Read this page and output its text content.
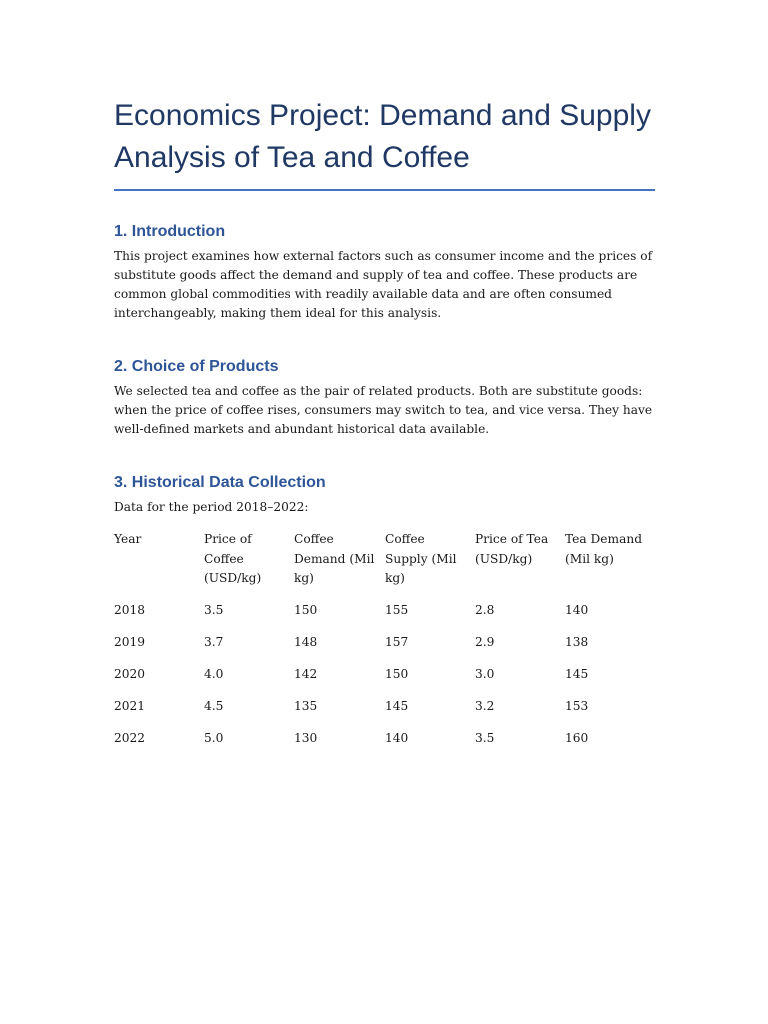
Economics Project: Demand and Supply Analysis of Tea and Coffee
1. Introduction

This project examines how external factors such as consumer income and the prices of substitute goods affect the demand and supply of tea and coffee. These products are common global commodities with readily available data and are often consumed interchangeably, making them ideal for this analysis.

2. Choice of Products

We selected tea and coffee as the pair of related products. Both are substitute goods: when the price of coffee rises, consumers may switch to tea, and vice versa. They have well-defined markets and abundant historical data available.

3. Historical Data Collection

Data for the period 2018–2022:

Year	Price of Coffee (USD/kg)	Coffee Demand (Mil kg)	Coffee Supply (Mil kg)	Price of Tea (USD/kg)	Tea Demand (Mil kg)
2018	3.5	150	155	2.8	140
2019	3.7	148	157	2.9	138
2020	4.0	142	150	3.0	145
2021	4.5	135	145	3.2	153
2022	5.0	130	140	3.5	160
